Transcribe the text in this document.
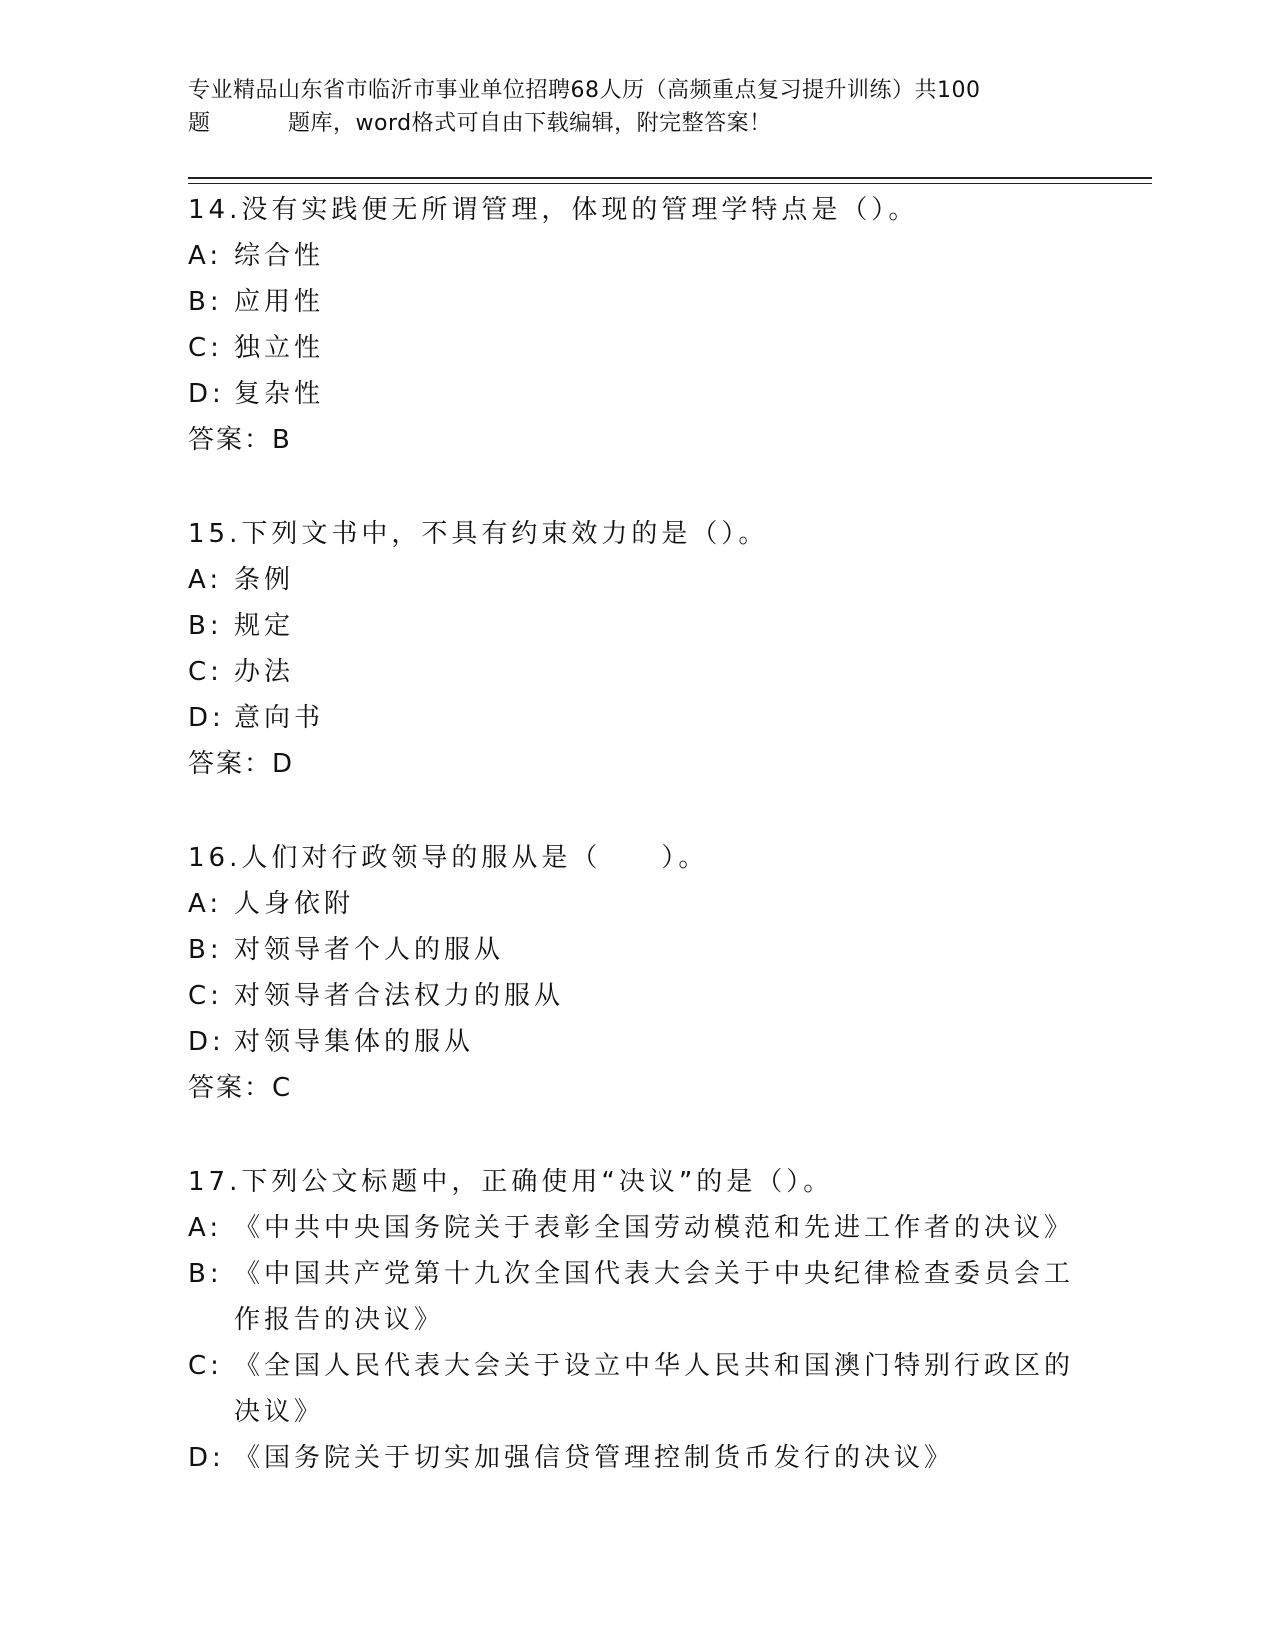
专业精品山东省市临沂市事业单位招聘68人历（高频重点复习提升训练）共100
题	题库，word格式可自由下载编辑，附完整答案！
14.没有实践便无所谓管理，体现的管理学特点是（）。
A: 综合性
B: 应用性
C: 独立性
D: 复杂性
答案：B
15.下列文书中，不具有约束效力的是（）。
A: 条例
B: 规定
C: 办法
D: 意向书
答案：D
16.人们对行政领导的服从是（　　）。
A: 人身依附
B: 对领导者个人的服从
C: 对领导者合法权力的服从
D: 对领导集体的服从
答案：C
17.下列公文标题中，正确使用“决议”的是（）。
A: 《中共中央国务院关于表彰全国劳动模范和先进工作者的决议》
B: 《中国共产党第十九次全国代表大会关于中央纪律检查委员会工作报告的决议》
C: 《全国人民代表大会关于设立中华人民共和国澳门特别行政区的决议》
D: 《国务院关于切实加强信贷管理控制货币发行的决议》
